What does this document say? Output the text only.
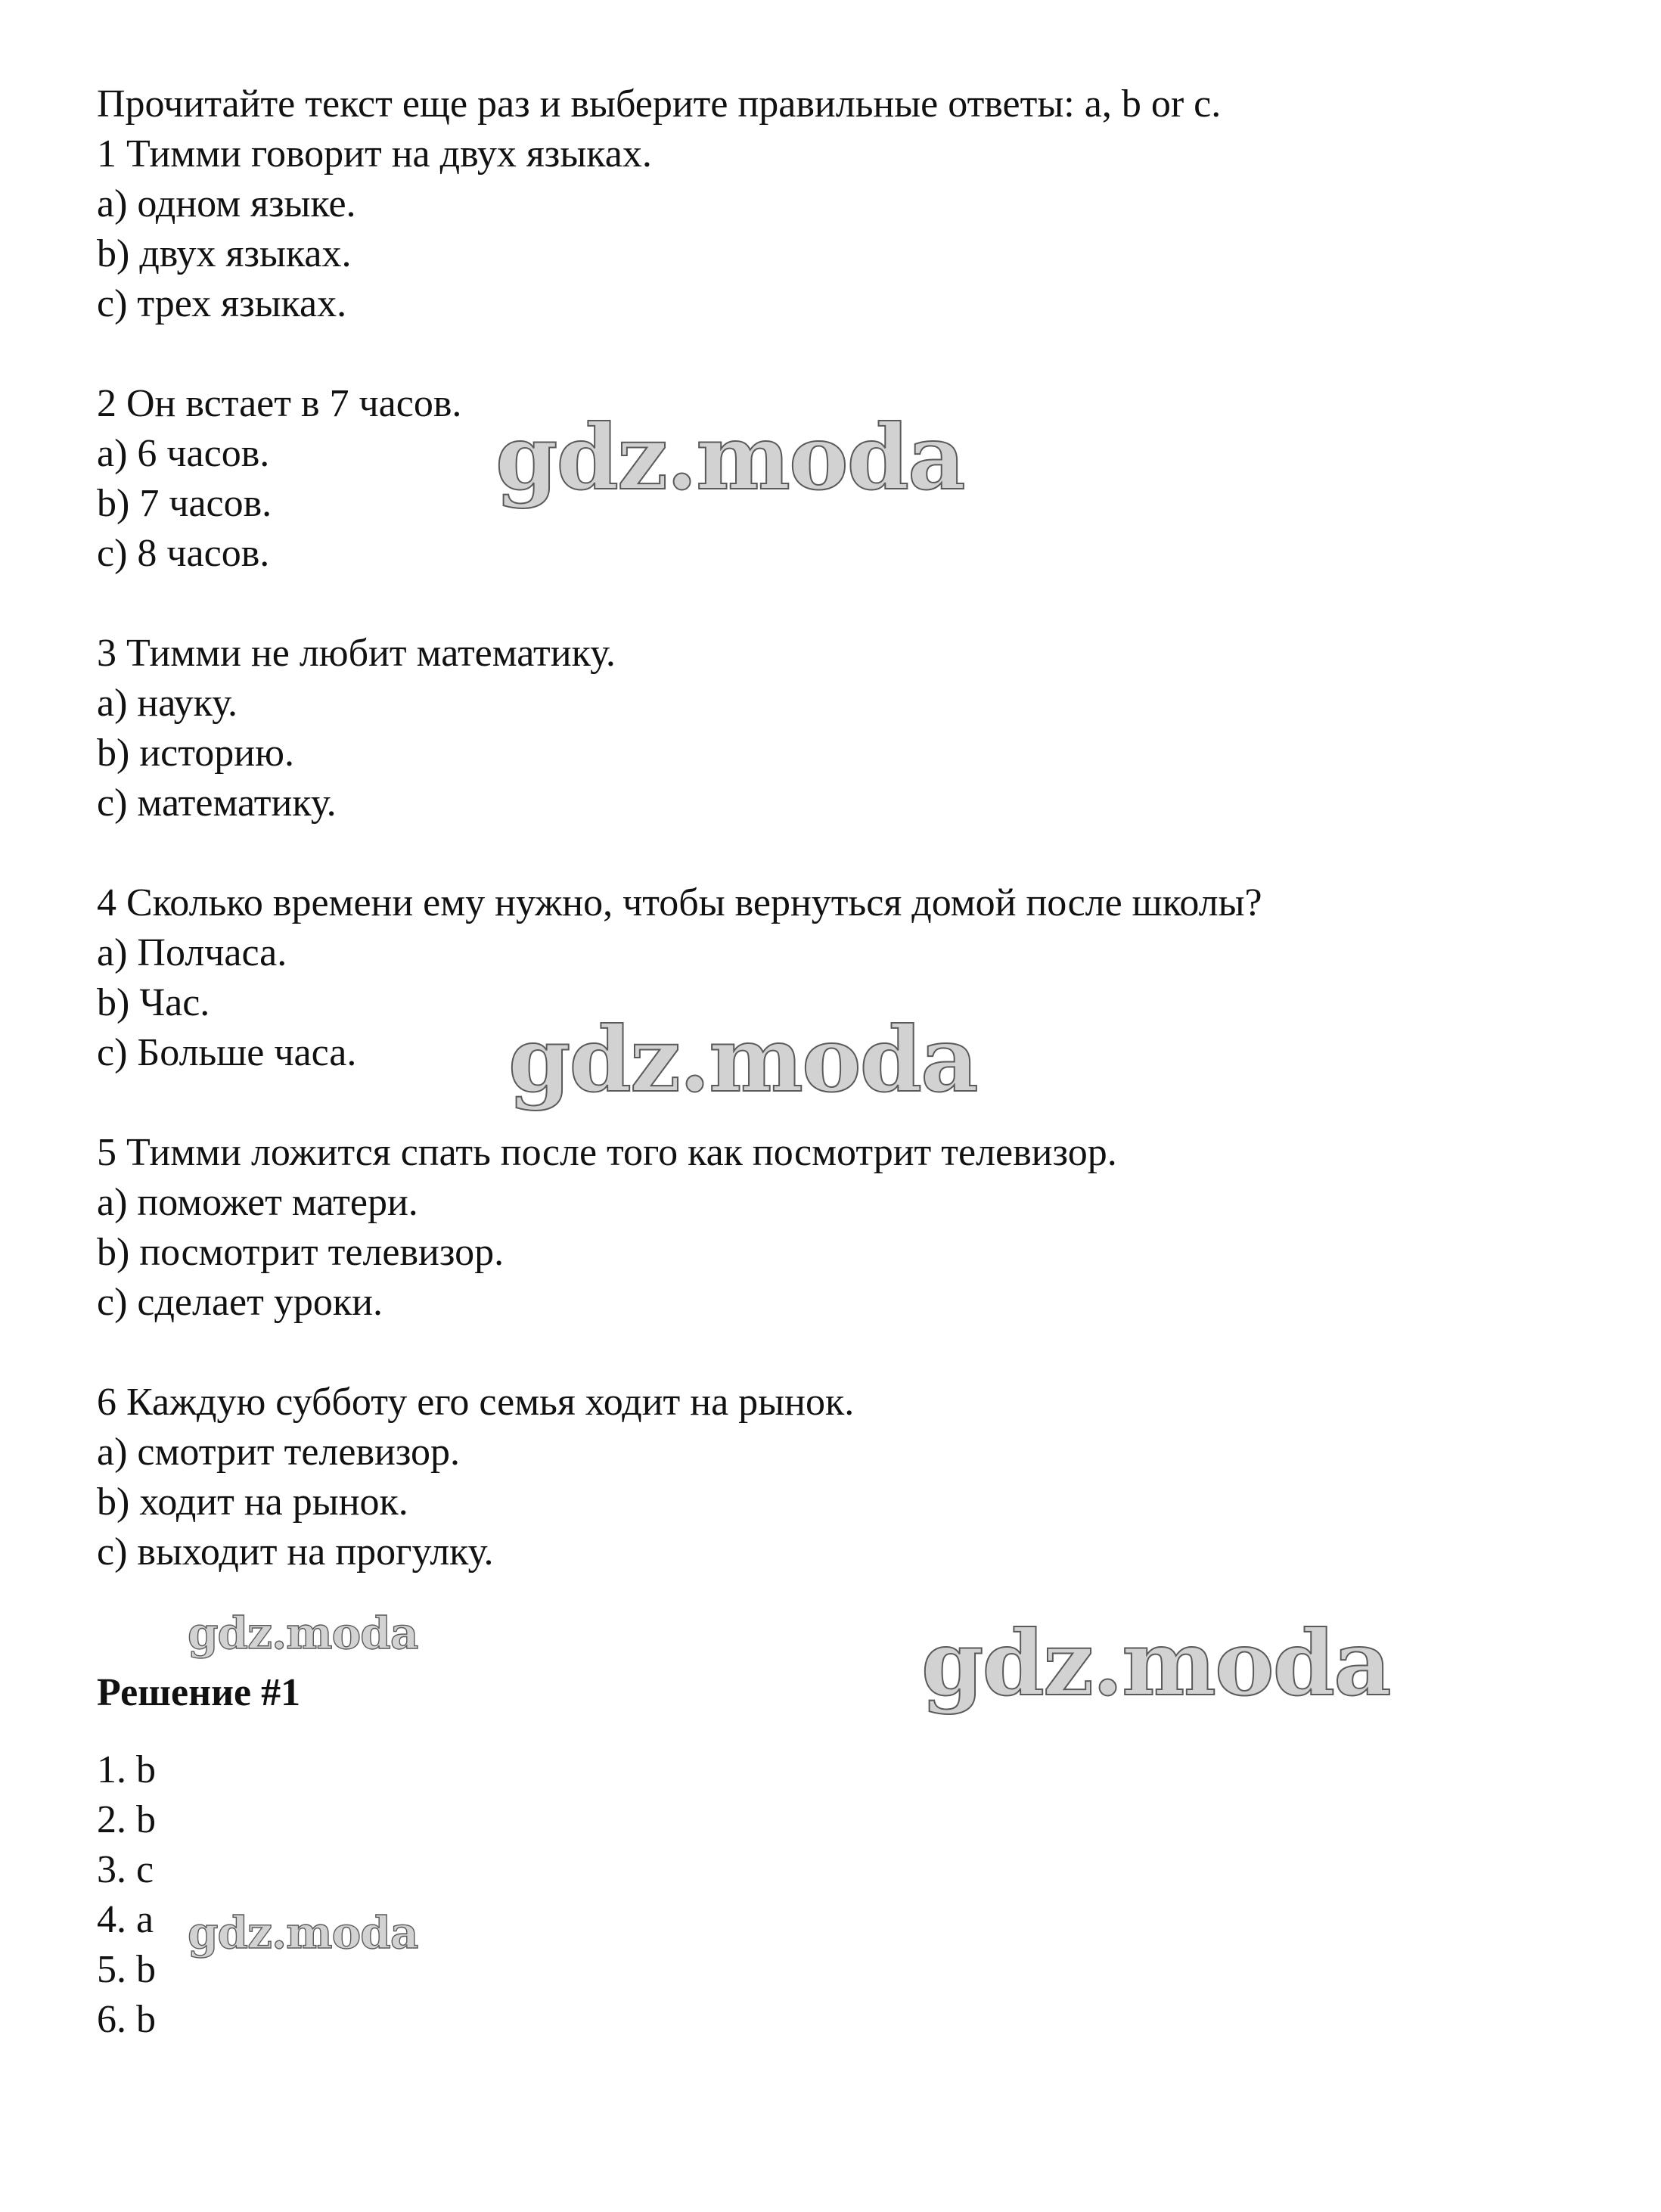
Прочитайте текст еще раз и выберите правильные ответы: a, b or c.
1 Тимми говорит на двух языках.
a) одном языке.
b) двух языках.
c) трех языках.
2 Он встает в 7 часов.
a) 6 часов.
b) 7 часов.
c) 8 часов.
3 Тимми не любит математику.
a) науку.
b) историю.
c) математику.
4 Сколько времени ему нужно, чтобы вернуться домой после школы?
a) Полчаса.
b) Час.
c) Больше часа.
5 Тимми ложится спать после того как посмотрит телевизор.
a) поможет матери.
b) посмотрит телевизор.
c) сделает уроки.
6 Каждую субботу его семья ходит на рынок.
a) смотрит телевизор.
b) ходит на рынок.
c) выходит на прогулку.
Решение #1
1. b
2. b
3. c
4. a
5. b
6. b
gdz.moda
gdz.moda
gdz.moda	gdz.moda
gdz.moda
